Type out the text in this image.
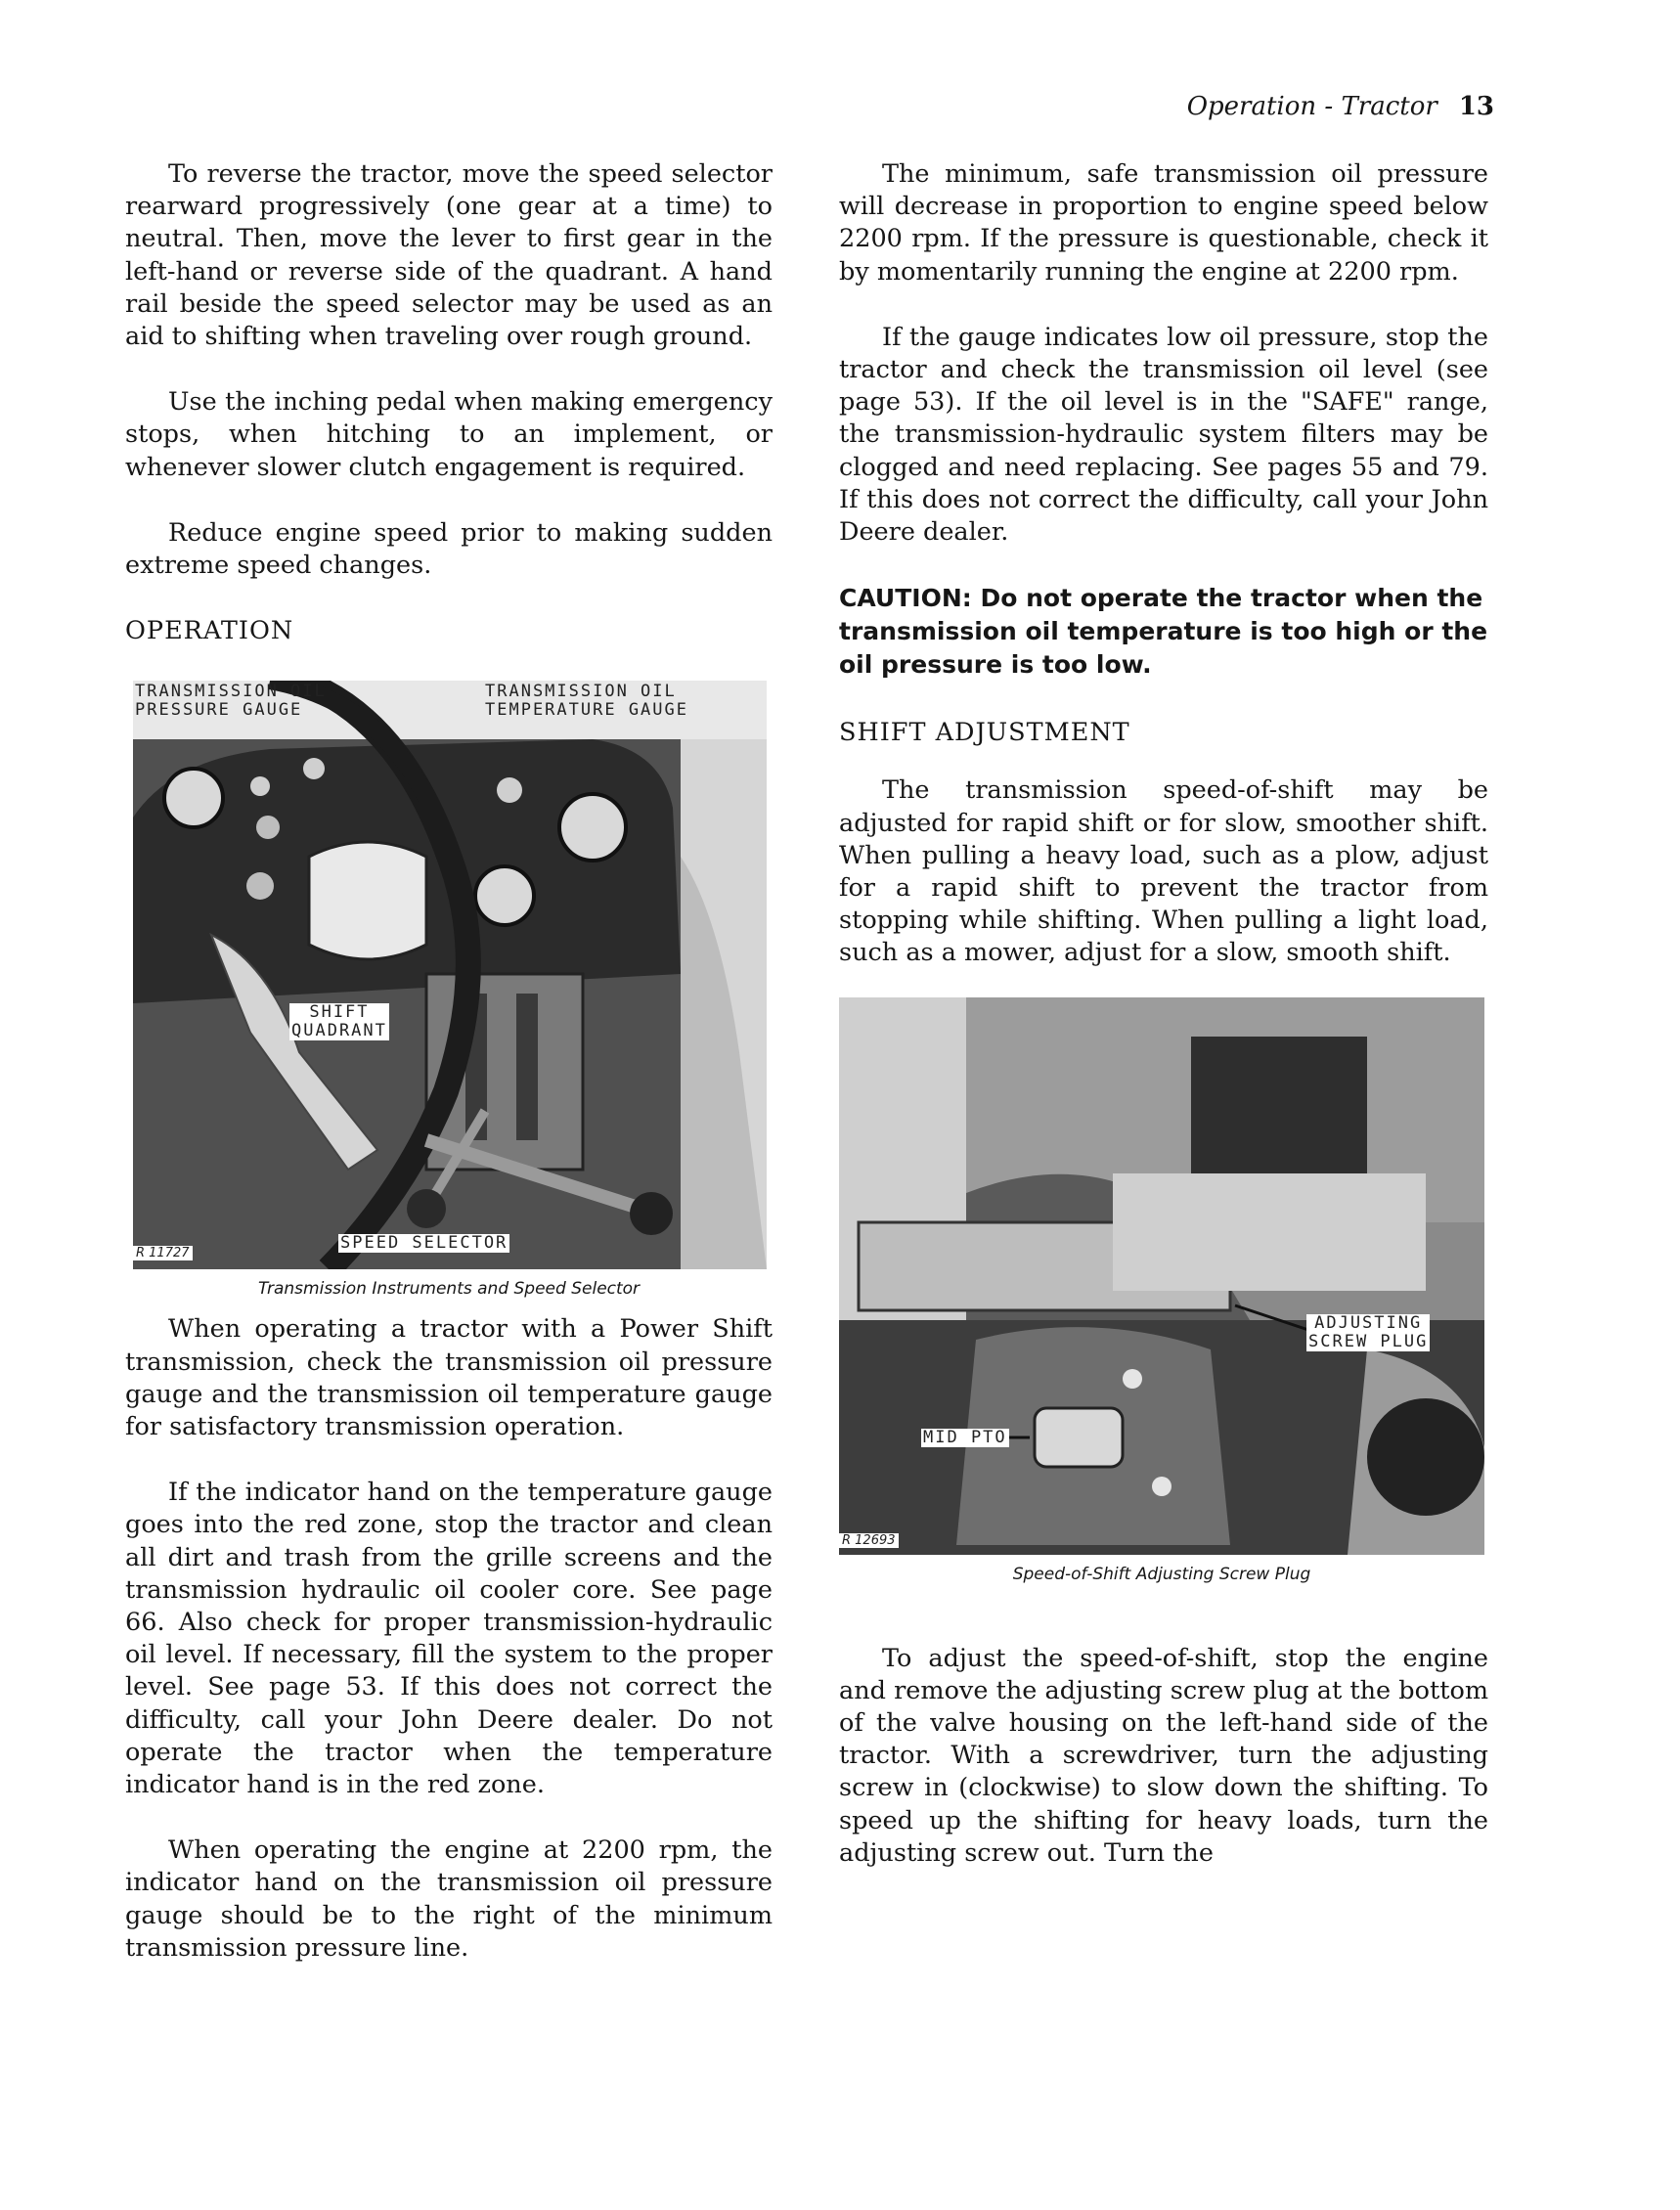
Operation - Tractor 13

To reverse the tractor, move the speed selector rearward progressively (one gear at a time) to neutral. Then, move the lever to first gear in the left-hand or reverse side of the quadrant. A hand rail beside the speed selector may be used as an aid to shifting when traveling over rough ground.

Use the inching pedal when making emergency stops, when hitching to an implement, or whenever slower clutch engagement is required.

Reduce engine speed prior to making sudden extreme speed changes.

OPERATION

TRANSMISSION OIL
PRESSURE GAUGE
TRANSMISSION OIL
TEMPERATURE GAUGE
SHIFT
QUADRANT
SPEED SELECTOR
R 11727
Transmission Instruments and Speed Selector

When operating a tractor with a Power Shift transmission, check the transmission oil pressure gauge and the transmission oil temperature gauge for satisfactory transmission operation.

If the indicator hand on the temperature gauge goes into the red zone, stop the tractor and clean all dirt and trash from the grille screens and the transmission hydraulic oil cooler core. See page 66. Also check for proper transmission-hydraulic oil level. If necessary, fill the system to the proper level. See page 53. If this does not correct the difficulty, call your John Deere dealer. Do not operate the tractor when the temperature indicator hand is in the red zone.

When operating the engine at 2200 rpm, the indicator hand on the transmission oil pressure gauge should be to the right of the minimum transmission pressure line.

The minimum, safe transmission oil pressure will decrease in proportion to engine speed below 2200 rpm. If the pressure is questionable, check it by momentarily running the engine at 2200 rpm.

If the gauge indicates low oil pressure, stop the tractor and check the transmission oil level (see page 53). If the oil level is in the "SAFE" range, the transmission-hydraulic system filters may be clogged and need replacing. See pages 55 and 79. If this does not correct the difficulty, call your John Deere dealer.

CAUTION: Do not operate the tractor when the transmission oil temperature is too high or the oil pressure is too low.

SHIFT ADJUSTMENT

The transmission speed-of-shift may be adjusted for rapid shift or for slow, smoother shift. When pulling a heavy load, such as a plow, adjust for a rapid shift to prevent the tractor from stopping while shifting. When pulling a light load, such as a mower, adjust for a slow, smooth shift.

ADJUSTING
SCREW PLUG
MID PTO
R 12693
Speed-of-Shift Adjusting Screw Plug

To adjust the speed-of-shift, stop the engine and remove the adjusting screw plug at the bottom of the valve housing on the left-hand side of the tractor. With a screwdriver, turn the adjusting screw in (clockwise) to slow down the shifting. To speed up the shifting for heavy loads, turn the adjusting screw out. Turn the
